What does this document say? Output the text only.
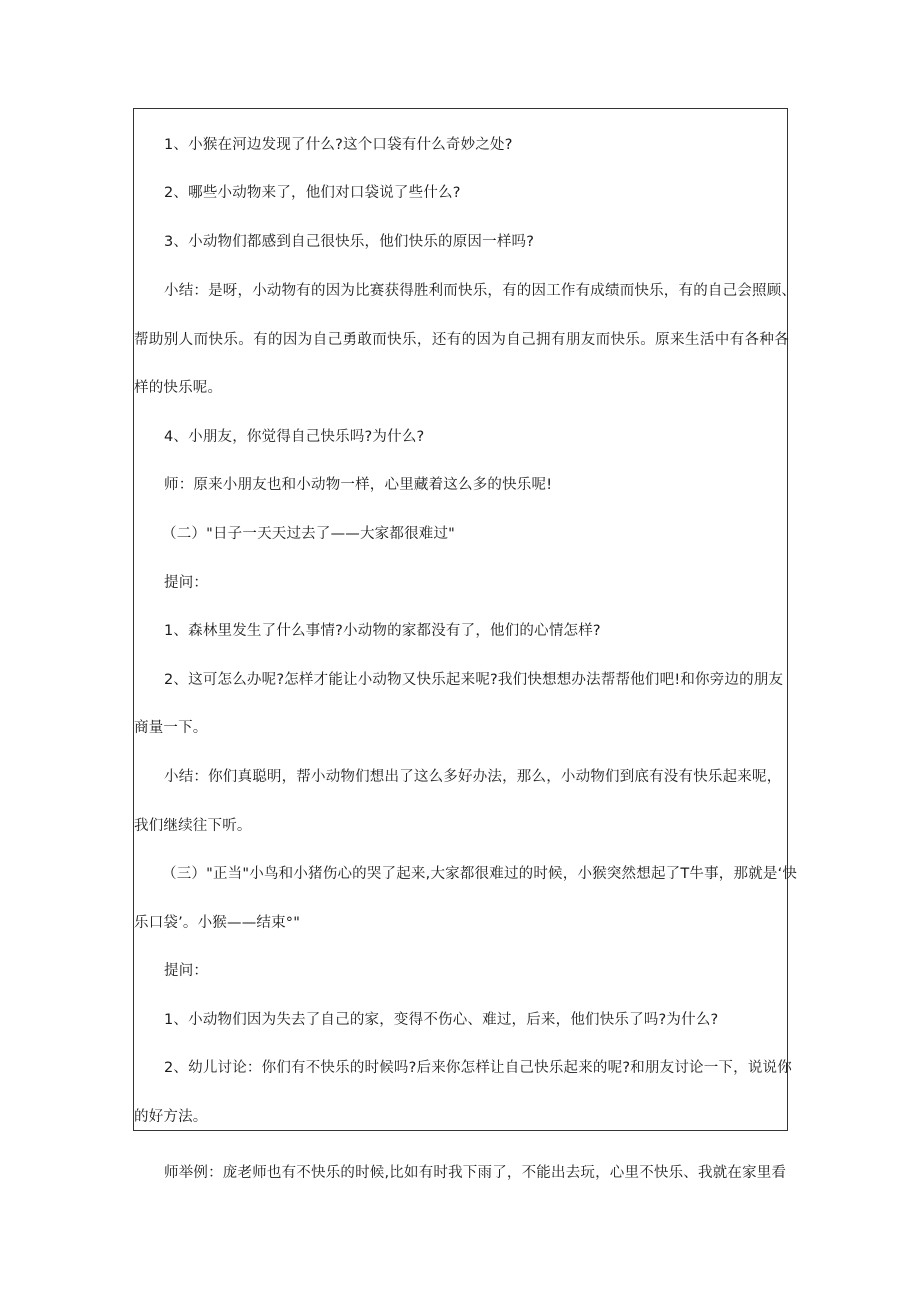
1、小猴在河边发现了什么?这个口袋有什么奇妙之处?
2、哪些小动物来了，他们对口袋说了些什么?
3、小动物们都感到自己很快乐，他们快乐的原因一样吗?
小结：是呀，小动物有的因为比赛获得胜利而快乐，有的因工作有成绩而快乐，有的自己会照顾、
帮助别人而快乐。有的因为自己勇敢而快乐，还有的因为自己拥有朋友而快乐。原来生活中有各种各
样的快乐呢。
4、小朋友，你觉得自己快乐吗?为什么?
师：原来小朋友也和小动物一样，心里藏着这么多的快乐呢!
（二）"日子一天天过去了——大家都很难过"
提问：
1、森林里发生了什么事情?小动物的家都没有了，他们的心情怎样?
2、这可怎么办呢?怎样才能让小动物又快乐起来呢?我们快想想办法帮帮他们吧!和你旁边的朋友
商量一下。
小结：你们真聪明，帮小动物们想出了这么多好办法，那么，小动物们到底有没有快乐起来呢，
我们继续往下听。
（三）"正当"小鸟和小猪伤心的哭了起来,大家都很难过的时候，小猴突然想起了T牛事，那就是‘快
乐口袋’。小猴——结束°"
提问：
1、小动物们因为失去了自己的家，变得不伤心、难过，后来，他们快乐了吗?为什么?
2、幼儿讨论：你们有不快乐的时候吗?后来你怎样让自己快乐起来的呢?和朋友讨论一下，说说你
的好方法。
师举例：庞老师也有不快乐的时候,比如有时我下雨了，不能出去玩，心里不快乐、我就在家里看
